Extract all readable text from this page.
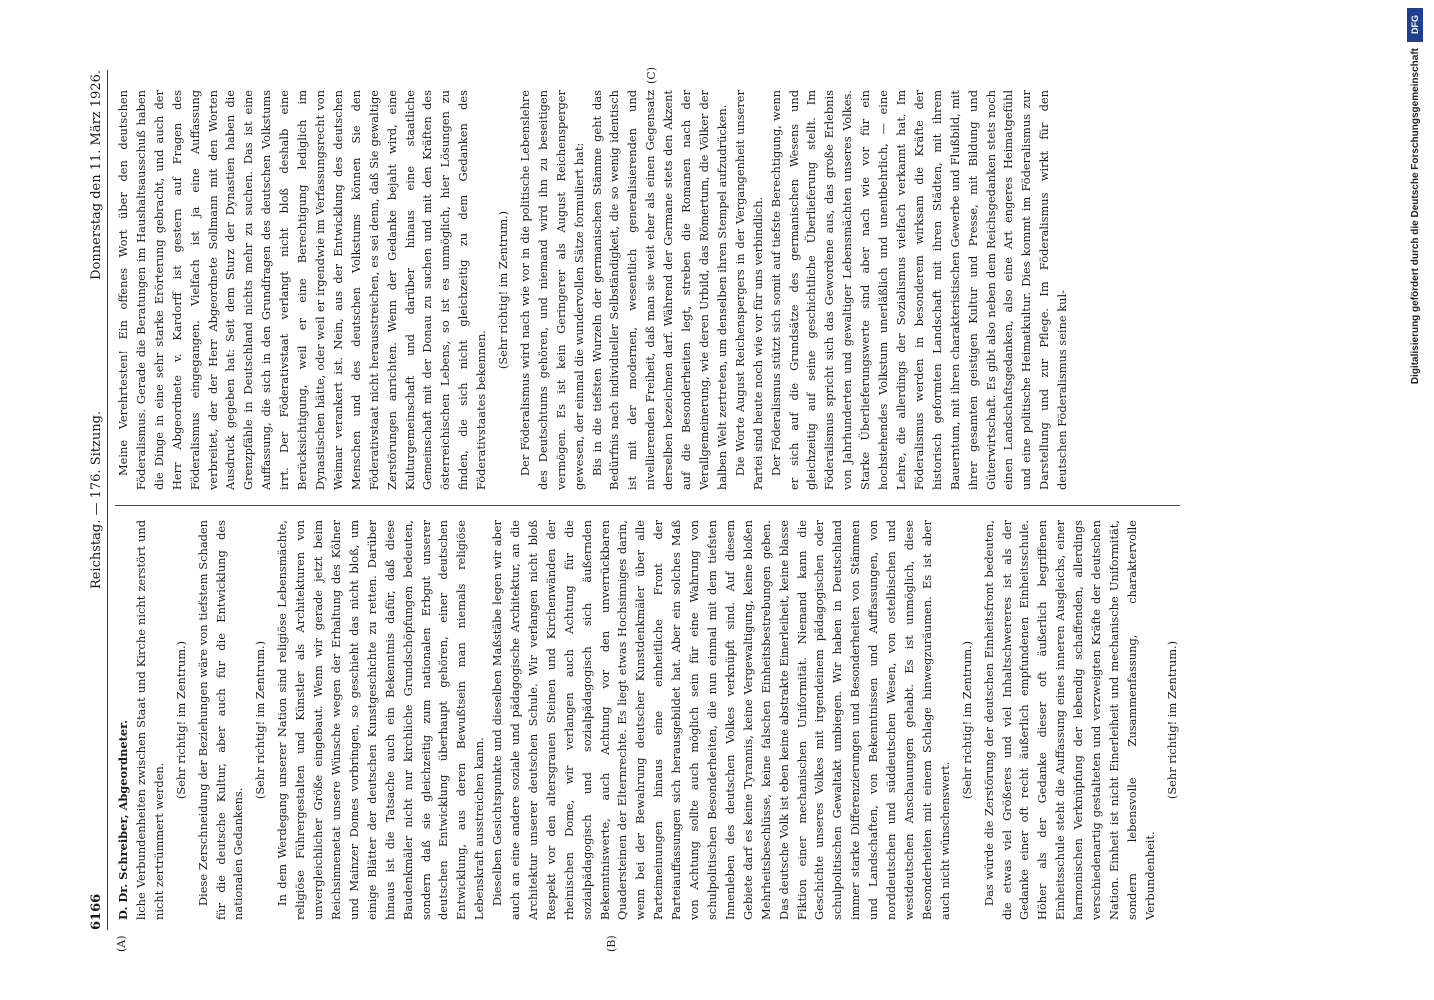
DFG
Digitalisierung gefördert durch die Deutsche Forschungsgemeinschaft
6166
Reichstag. — 176. Sitzung.
Donnerstag den 11. März 1926.
(A)	(B)
(C)

D. Dr. Schreiber, Abgeordneter. liche Verbundenheiten zwischen Staat und Kirche nicht zerstört und nicht zertrümmert werden.

(Sehr richtig! im Zentrum.) Diese Zerschneidung der Beziehungen wäre von tiefstem Schaden für die deutsche Kultur, aber auch für die Entwicklung des nationalen Gedankens.

(Sehr richtig! im Zentrum.) In dem Werdegang unserer Nation sind religiöse Lebensmächte, religiöse Führergestalten und Künstler als Architekturen von unvergleichlicher Größe eingebaut. Wenn wir gerade jetzt beim Reichsinnenetat unsere Wünsche wegen der Erhaltung des Kölner und Mainzer Domes vorbringen, so geschieht das nicht bloß, um einige Blätter der deutschen Kunstgeschichte zu retten. Darüber hinaus ist die Tatsache auch ein Bekenntnis dafür, daß diese Baudenkmäler nicht nur kirchliche Grundschöpfungen bedeuten, sondern daß sie gleichzeitig zum nationalen Erbgut unserer deutschen Entwicklung überhaupt gehören, einer deutschen Entwicklung, aus deren Bewußtsein man niemals religiöse Lebenskraft ausstreichen kann. Dieselben Gesichtspunkte und dieselben Maßstäbe legen wir aber auch an eine andere soziale und pädagogische Architektur, an die Architektur unserer deutschen Schule. Wir verlangen nicht bloß Respekt vor den altersgrauen Steinen und Kirchenwänden der rheinischen Dome, wir verlangen auch Achtung für die sozialpädagogisch und sozialpädagogisch sich äußernden Bekenntniswerte, auch Achtung vor den unverrückbaren Quadersteinen der Elternrechte. Es liegt etwas Hochsinniges darin, wenn bei der Bewahrung deutscher Kunstdenkmäler über alle Parteimeinungen hinaus eine einheitliche Front der Parteiauffassungen sich herausgebildet hat. Aber ein solches Maß von Achtung sollte auch möglich sein für eine Wahrung von schulpolitischen Besonderheiten, die nun einmal mit dem tiefsten Innenleben des deutschen Volkes verknüpft sind. Auf diesem Gebiete darf es keine Tyrannis, keine Vergewaltigung, keine bloßen Mehrheitsbeschlüsse, keine falschen Einheitsbestrebungen geben. Das deutsche Volk ist eben keine abstrakte Einerleiheit, keine blasse Fiktion einer mechanischen Uniformität. Niemand kann die Geschichte unseres Volkes mit irgendeinem pädagogischen oder schulpolitischen Gewaltakt umbiegen. Wir haben in Deutschland immer starke Differenzierungen und Besonderheiten von Stämmen und Landschaften, von Bekenntnissen und Auffassungen, von norddeutschen und süddeutschen Wesen, von ostelbischen und westdeutschen Anschauungen gehabt. Es ist unmöglich, diese Besonderheiten mit einem Schlage hinwegzuräumen. Es ist aber auch nicht wünschenswert.

(Sehr richtig! im Zentrum.) Das würde die Zerstörung der deutschen Einheitsfront bedeuten, die etwas viel Größeres und viel Inhaltschwereres ist als der Gedanke einer oft recht äußerlich empfundenen Einheitsschule. Höher als der Gedanke dieser oft äußerlich begriffenen Einheitsschule steht die Auffassung eines inneren Ausgleichs, einer harmonischen Verknüpfung der lebendig schaffenden, allerdings verschiedenartig gestalteten und verzweigten Kräfte der deutschen Nation. Einheit ist nicht Einerleiheit und mechanische Uniformität, sondern lebensvolle Zusammenfassung, charaktervolle Verbundenheit.

(Sehr richtig! im Zentrum.)

Meine Verehrtesten! Ein offenes Wort über den deutschen Föderalismus. Gerade die Beratungen im Haushaltsausschuß haben die Dinge in eine sehr starke Erörterung gebracht, und auch der Herr Abgeordnete v. Kardorff ist gestern auf Fragen des Föderalismus eingegangen. Vielfach ist ja eine Auffassung verbreitet, der der Herr Abgeordnete Sollmann mit den Worten Ausdruck gegeben hat: Seit dem Sturz der Dynastien haben die Grenzpfähle in Deutschland nichts mehr zu suchen. Das ist eine Auffassung, die sich in den Grundfragen des deutschen Volkstums irrt. Der Föderativstaat verlangt nicht bloß deshalb eine Berücksichtigung, weil er eine Berechtigung lediglich im Dynastischen hätte, oder weil er irgendwie im Verfassungsrecht von Weimar verankert ist. Nein, aus der Entwicklung des deutschen Menschen und des deutschen Volkstums können Sie den Föderativstaat nicht herausstreichen, es sei denn, daß Sie gewaltige Zerstörungen anrichten. Wenn der Gedanke bejaht wird, eine Kulturgemeinschaft und darüber hinaus eine staatliche Gemeinschaft mit der Donau zu suchen und mit den Kräften des österreichischen Lebens, so ist es unmöglich, hier Lösungen zu finden, die sich nicht gleichzeitig zu dem Gedanken des Föderativstaates bekennen.

(Sehr richtig! im Zentrum.) Der Föderalismus wird nach wie vor in die politische Lebenslehre des Deutschtums gehören, und niemand wird ihn zu beseitigen vermögen. Es ist kein Geringerer als August Reichensperger gewesen, der einmal die wundervollen Sätze formuliert hat: Bis in die tiefsten Wurzeln der germanischen Stämme geht das Bedürfnis nach individueller Selbständigkeit, die so wenig identisch ist mit der modernen, wesentlich generalisierenden und nivellierenden Freiheit, daß man sie weit eher als einen Gegensatz derselben bezeichnen darf. Während der Germane stets den Akzent auf die Besonderheiten legt, streben die Romanen nach der Verallgemeinerung, wie deren Urbild, das Römertum, die Völker der halben Welt zertreten, um denselben ihren Stempel aufzudrücken. Die Worte August Reichenspergers in der Vergangenheit unserer Partei sind heute noch wie vor für uns verbindlich. Der Föderalismus stützt sich somit auf tiefste Berechtigung, wenn er sich auf die Grundsätze des germanischen Wesens und gleichzeitig auf seine geschichtliche Überlieferung stellt. Im Föderalismus spricht sich das Gewordene aus, das große Erlebnis von Jahrhunderten und gewaltiger Lebensmächten unseres Volkes. Starke Überlieferungswerte sind aber nach wie vor für ein hochstehendes Volkstum unerläßlich und unentbehrlich, — eine Lehre, die allerdings der Sozialismus vielfach verkannt hat. Im Föderalismus werden in besonderem wirksam die Kräfte der historisch geformten Landschaft mit ihren Städten, mit ihrem Bauerntum, mit ihren charakteristischen Gewerbe und Flußbild, mit ihrer gesamten geistigen Kultur und Presse, mit Bildung und Güterwirtschaft. Es gibt also neben dem Reichsgedanken stets noch einen Landschaftsgedanken, also eine Art engeres Heimatgefühl und eine politische Heimatkultur. Dies kommt im Föderalismus zur Darstellung und zur Pflege. Im Föderalismus wirkt für den deutschen Föderalismus seine kul-
